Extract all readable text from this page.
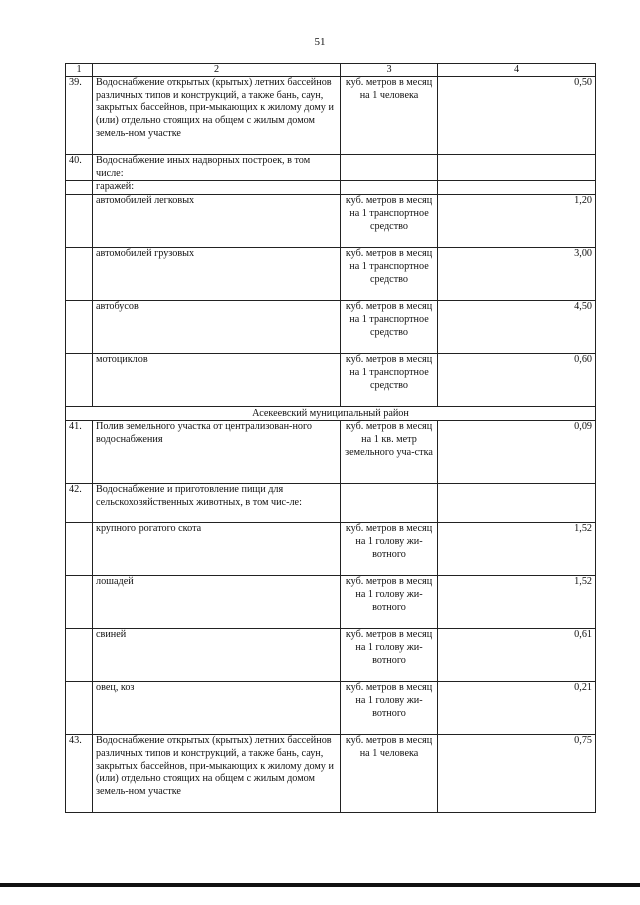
51
1	2	3	4
39.	Водоснабжение открытых (крытых) летних бассейнов различных типов и конструкций, а также бань, саун, закрытых бассейнов, при-мыкающих к жилому дому и (или) отдельно стоящих на общем с жилым домом земель-ном участке	куб. метров в месяц на 1 человека	0,50
40.	Водоснабжение иных надворных построек, в том числе:		
	гаражей:		
	автомобилей легковых	куб. метров в месяц на 1 транспортное средство	1,20
	автомобилей грузовых	куб. метров в месяц на 1 транспортное средство	3,00
	автобусов	куб. метров в месяц на 1 транспортное средство	4,50
	мотоциклов	куб. метров в месяц на 1 транспортное средство	0,60
Асекеевский муниципальный район			
41.	Полив земельного участка от централизован-ного водоснабжения	куб. метров в месяц на 1 кв. метр земельного уча-стка	0,09
42.	Водоснабжение и приготовление пищи для сельскохозяйственных животных, в том чис-ле:		
	крупного рогатого скота	куб. метров в месяц на 1 голову жи-вотного	1,52
	лошадей	куб. метров в месяц на 1 голову жи-вотного	1,52
	свиней	куб. метров в месяц на 1 голову жи-вотного	0,61
	овец, коз	куб. метров в месяц на 1 голову жи-вотного	0,21
43.	Водоснабжение открытых (крытых) летних бассейнов различных типов и конструкций, а также бань, саун, закрытых бассейнов, при-мыкающих к жилому дому и (или) отдельно стоящих на общем с жилым домом земель-ном участке	куб. метров в месяц на 1 человека	0,75
